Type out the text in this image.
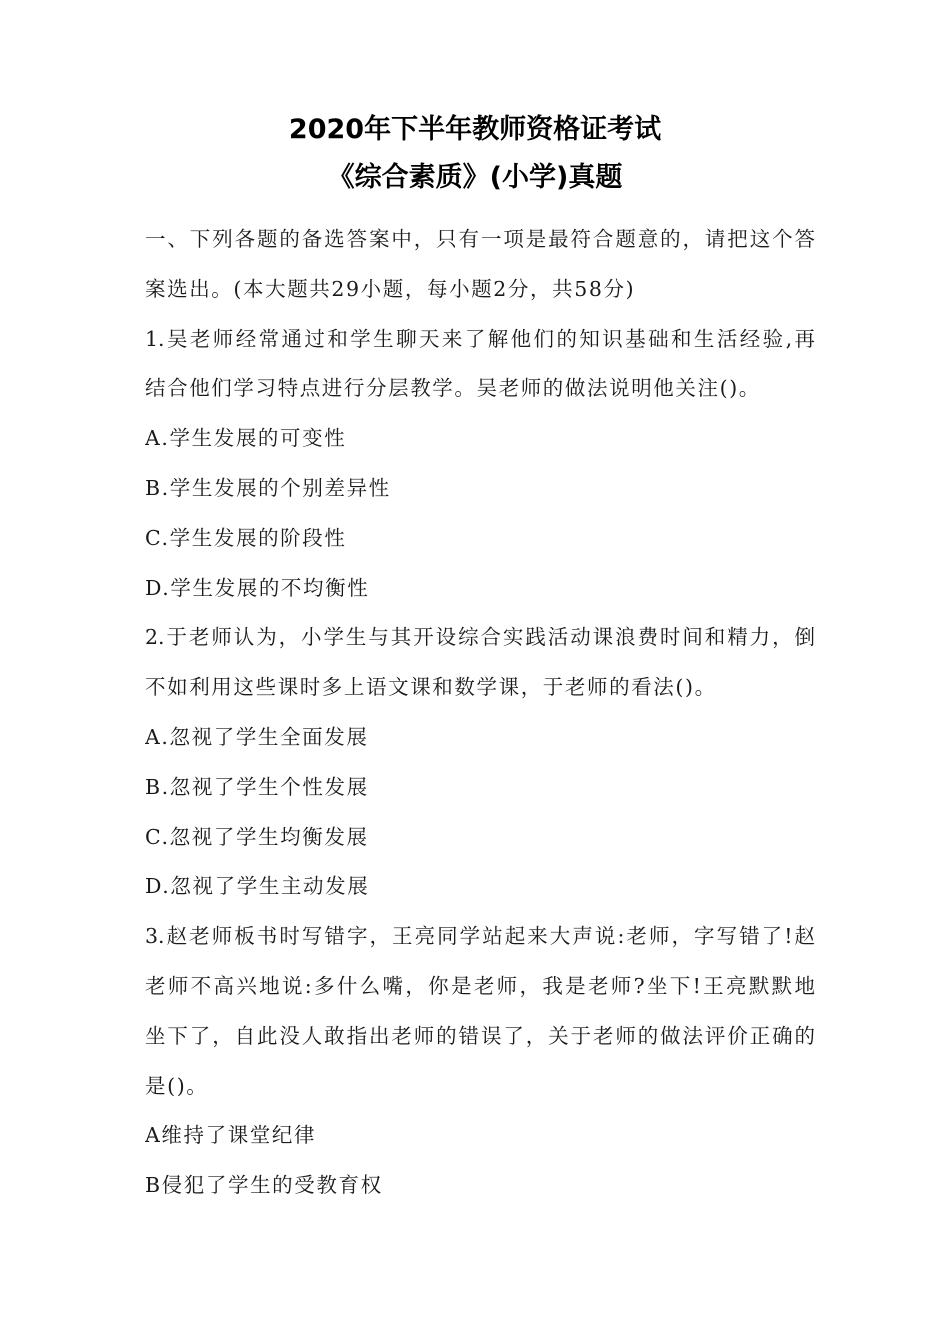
2020年下半年教师资格证考试
《综合素质》(小学)真题
一、下列各题的备选答案中，只有一项是最符合题意的，请把这个答
案选出。(本大题共29小题，每小题2分，共58分)
1.吴老师经常通过和学生聊天来了解他们的知识基础和生活经验,再
结合他们学习特点进行分层教学。吴老师的做法说明他关注()。
A.学生发展的可变性
B.学生发展的个别差异性
C.学生发展的阶段性
D.学生发展的不均衡性
2.于老师认为，小学生与其开设综合实践活动课浪费时间和精力，倒
不如利用这些课时多上语文课和数学课，于老师的看法()。
A.忽视了学生全面发展
B.忽视了学生个性发展
C.忽视了学生均衡发展
D.忽视了学生主动发展
3.赵老师板书时写错字，王亮同学站起来大声说:老师，字写错了!赵
老师不高兴地说:多什么嘴，你是老师，我是老师?坐下!王亮默默地
坐下了，自此没人敢指出老师的错误了，关于老师的做法评价正确的
是()。
A维持了课堂纪律
B侵犯了学生的受教育权
